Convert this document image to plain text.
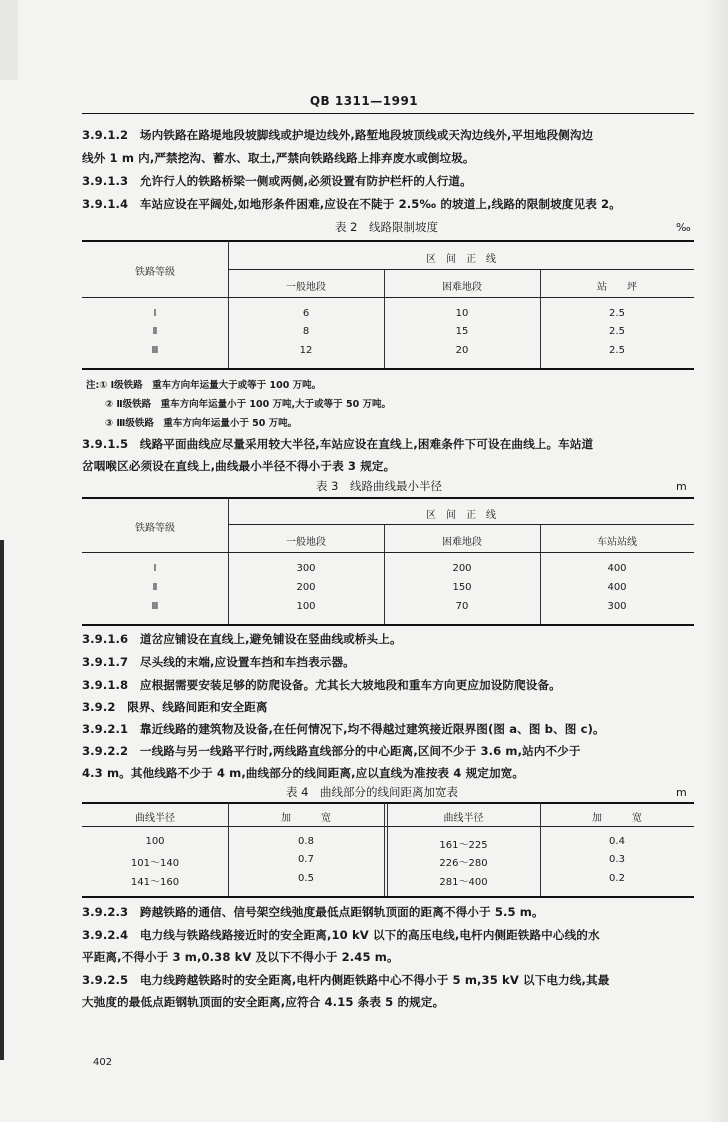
QB 1311—1991
3.9.1.2　场内铁路在路堤地段坡脚线或护堤边线外,路堑地段坡顶线或天沟边线外,平坦地段侧沟边
线外 1 m 内,严禁挖沟、蓄水、取土,严禁向铁路线路上排弃废水或倒垃圾。
3.9.1.3　允许行人的铁路桥梁一侧或两侧,必须设置有防护栏杆的人行道。
3.9.1.4　车站应设在平阔处,如地形条件困难,应设在不陡于 2.5‰ 的坡道上,线路的限制坡度见表 2。
表 2　线路限制坡度	‰
铁路等级
区　间　正　线
一般地段	困难地段	站　　坪
Ⅰ	6	10	2.5
Ⅱ	8	15	2.5
Ⅲ	12	20	2.5
注:① Ⅰ级铁路　重车方向年运量大于或等于 100 万吨。
② Ⅱ级铁路　重车方向年运量小于 100 万吨,大于或等于 50 万吨。
③ Ⅲ级铁路　重车方向年运量小于 50 万吨。
3.9.1.5　线路平面曲线应尽量采用较大半径,车站应设在直线上,困难条件下可设在曲线上。车站道
岔咽喉区必须设在直线上,曲线最小半径不得小于表 3 规定。
表 3　线路曲线最小半径	m
铁路等级
区　间　正　线
一般地段	困难地段	车站站线
Ⅰ	300	200	400
Ⅱ	200	150	400
Ⅲ	100	70	300
3.9.1.6　道岔应铺设在直线上,避免铺设在竖曲线或桥头上。
3.9.1.7　尽头线的末端,应设置车挡和车挡表示器。
3.9.1.8　应根据需要安装足够的防爬设备。尤其长大坡地段和重车方向更应加设防爬设备。
3.9.2　限界、线路间距和安全距离
3.9.2.1　靠近线路的建筑物及设备,在任何情况下,均不得越过建筑接近限界图(图 a、图 b、图 c)。
3.9.2.2　一线路与另一线路平行时,两线路直线部分的中心距离,区间不少于 3.6 m,站内不少于
4.3 m。其他线路不少于 4 m,曲线部分的线间距离,应以直线为准按表 4 规定加宽。
表 4　曲线部分的线间距离加宽表	m
曲线半径	加　　　宽	曲线半径	加　　　宽
100	0.8	161～225	0.4
101～140	0.7	226～280	0.3
141～160	0.5	281～400	0.2
3.9.2.3　跨越铁路的通信、信号架空线弛度最低点距钢轨顶面的距离不得小于 5.5 m。
3.9.2.4　电力线与铁路线路接近时的安全距离,10 kV 以下的高压电线,电杆内侧距铁路中心线的水
平距离,不得小于 3 m,0.38 kV 及以下不得小于 2.45 m。
3.9.2.5　电力线跨越铁路时的安全距离,电杆内侧距铁路中心不得小于 5 m,35 kV 以下电力线,其最
大弛度的最低点距钢轨顶面的安全距离,应符合 4.15 条表 5 的规定。
402
